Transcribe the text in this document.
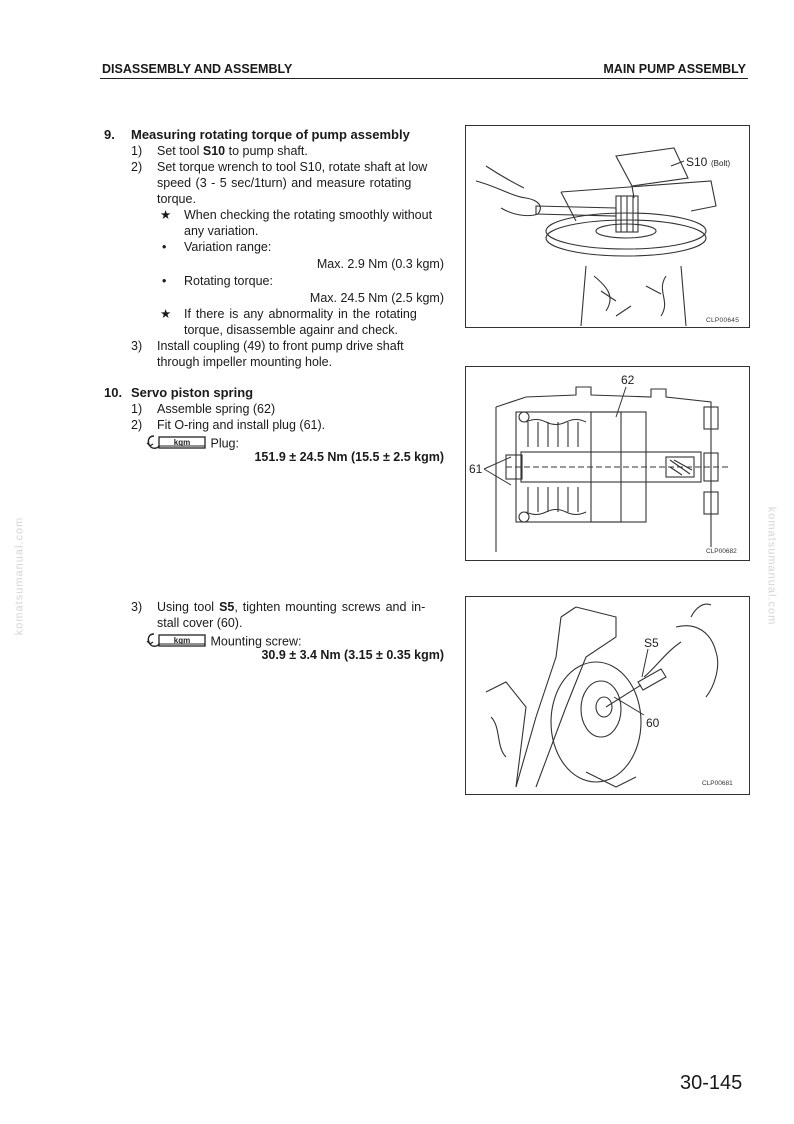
DISASSEMBLY AND ASSEMBLY	MAIN PUMP ASSEMBLY
komatsumanual.com	komatsumanual.com
9. Measuring rotating torque of pump assembly
1) Set tool S10 to pump shaft.
2) Set torque wrench to tool S10, rotate shaft at low
speed (3 - 5 sec/1turn) and measure rotating
torque.
★ When checking the rotating smoothly without
any variation.
• Variation range:
Max. 2.9 Nm (0.3 kgm)
• Rotating torque:
Max. 24.5 Nm (2.5 kgm)
★ If there is any abnormality in the rotating
torque, disassemble againr and check.
3) Install coupling (49) to front pump drive shaft
through impeller mounting hole.
10. Servo piston spring
1) Assemble spring (62)
2) Fit O-ring and install plug (61).
kgm Plug:
151.9 ± 24.5 Nm (15.5 ± 2.5 kgm)
3) Using tool S5, tighten mounting screws and in-
stall cover (60).
kgm Mounting screw:
30.9 ± 3.4 Nm (3.15 ± 0.35 kgm)
S10 (Bolt)
CLP00645
62
61
CLP00682
S5
60
CLP00681
30-145
